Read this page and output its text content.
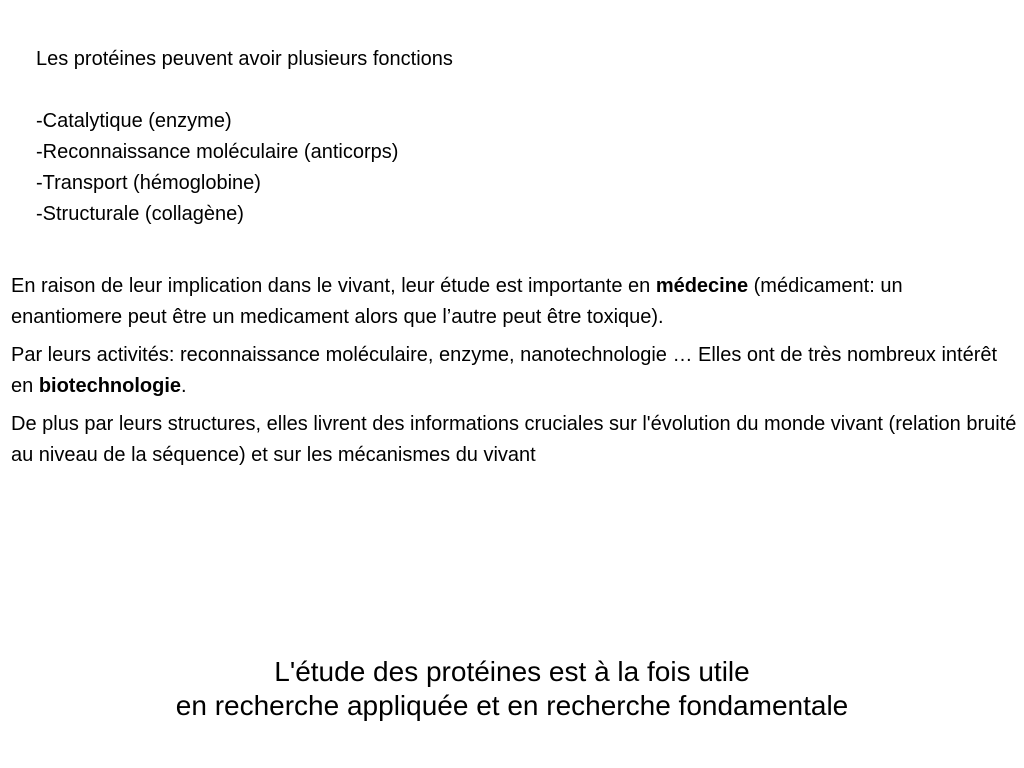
Les protéines peuvent avoir plusieurs fonctions

-Catalytique (enzyme)
-Reconnaissance moléculaire (anticorps)
-Transport (hémoglobine)
-Structurale (collagène)

En raison de leur implication dans le vivant, leur étude est importante en médecine (médicament: un enantiomere peut être un medicament alors que l’autre peut être toxique).

Par leurs activités: reconnaissance moléculaire, enzyme, nanotechnologie … Elles ont de très nombreux intérêt en biotechnologie.

De plus par leurs structures, elles livrent des informations cruciales sur l'évolution du monde vivant (relation bruité au niveau de la séquence) et sur les mécanismes du vivant

L'étude des protéines est à la fois utile
en recherche appliquée et en recherche fondamentale
